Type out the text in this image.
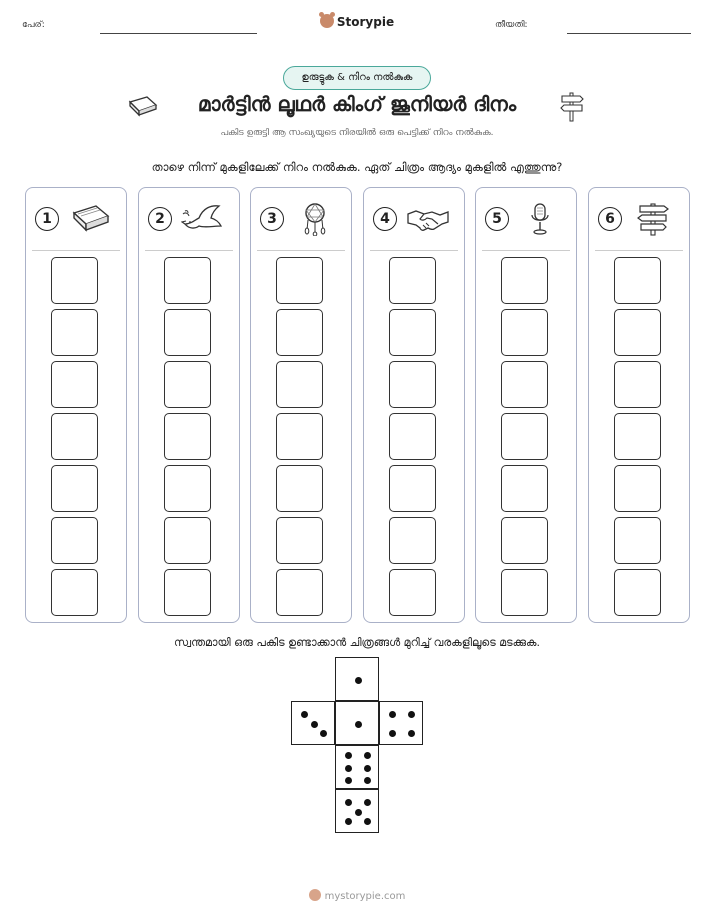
പേര്:	Storypie	തീയതി:
ഉരുട്ടുക & നിറം നൽകുക
മാർട്ടിൻ ലൂഥർ കിംഗ് ജൂനിയർ ദിനം
പകിട ഉരുട്ടി ആ സംഖ്യയുടെ നിരയിൽ ഒരു പെട്ടിക്ക് നിറം നൽകുക.
താഴെ നിന്ന് മുകളിലേക്ക് നിറം നൽകുക. ഏത് ചിത്രം ആദ്യം മുകളിൽ എത്തുന്നു?
1	2	3	4	5	6
സ്വന്തമായി ഒരു പകിട ഉണ്ടാക്കാൻ ചിത്രങ്ങൾ മുറിച്ച് വരകളിലൂടെ മടക്കുക.
mystorypie.com
